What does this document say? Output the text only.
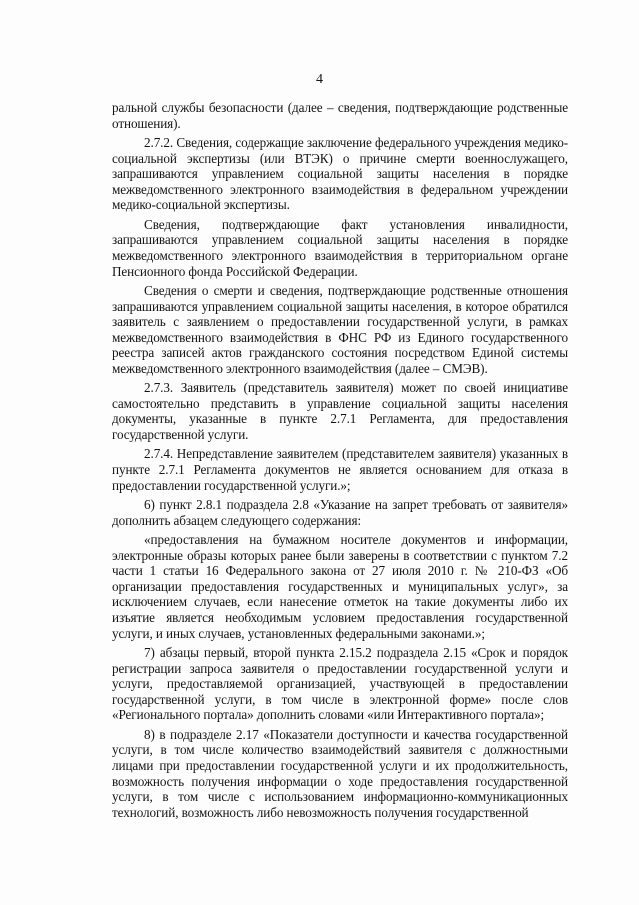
4

ральной службы безопасности (далее – сведения, подтверждающие родственные отношения).

2.7.2. Сведения, содержащие заключение федерального учреждения медико-социальной экспертизы (или ВТЭК) о причине смерти военнослужащего, запрашиваются управлением социальной защиты населения в порядке межведомственного электронного взаимодействия в федеральном учреждении медико-социальной экспертизы.

Сведения, подтверждающие факт установления инвалидности, запрашиваются управлением социальной защиты населения в порядке межведомственного электронного взаимодействия в территориальном органе Пенсионного фонда Российской Федерации.

Сведения о смерти и сведения, подтверждающие родственные отношения запрашиваются управлением социальной защиты населения, в которое обратился заявитель с заявлением о предоставлении государственной услуги, в рамках межведомственного взаимодействия в ФНС РФ из Единого государственного реестра записей актов гражданского состояния посредством Единой системы межведомственного электронного взаимодействия (далее – СМЭВ).

2.7.3. Заявитель (представитель заявителя) может по своей инициативе самостоятельно представить в управление социальной защиты населения документы, указанные в пункте 2.7.1 Регламента, для предоставления государственной услуги.

2.7.4. Непредставление заявителем (представителем заявителя) указанных в пункте 2.7.1 Регламента документов не является основанием для отказа в предоставлении государственной услуги.»;

6) пункт 2.8.1 подраздела 2.8 «Указание на запрет требовать от заявителя» дополнить абзацем следующего содержания:

«предоставления на бумажном носителе документов и информации, электронные образы которых ранее были заверены в соответствии с пунктом 7.2 части 1 статьи 16 Федерального закона от 27 июля 2010 г. № 210-ФЗ «Об организации предоставления государственных и муниципальных услуг», за исключением случаев, если нанесение отметок на такие документы либо их изъятие является необходимым условием предоставления государственной услуги, и иных случаев, установленных федеральными законами.»;

7) абзацы первый, второй пункта 2.15.2 подраздела 2.15 «Срок и порядок регистрации запроса заявителя о предоставлении государственной услуги и услуги, предоставляемой организацией, участвующей в предоставлении государственной услуги, в том числе в электронной форме» после слов «Регионального портала» дополнить словами «или Интерактивного портала»;

8) в подразделе 2.17 «Показатели доступности и качества государственной услуги, в том числе количество взаимодействий заявителя с должностными лицами при предоставлении государственной услуги и их продолжительность, возможность получения информации о ходе предоставления государственной услуги, в том числе с использованием информационно-коммуникационных технологий, возможность либо невозможность получения государственной
